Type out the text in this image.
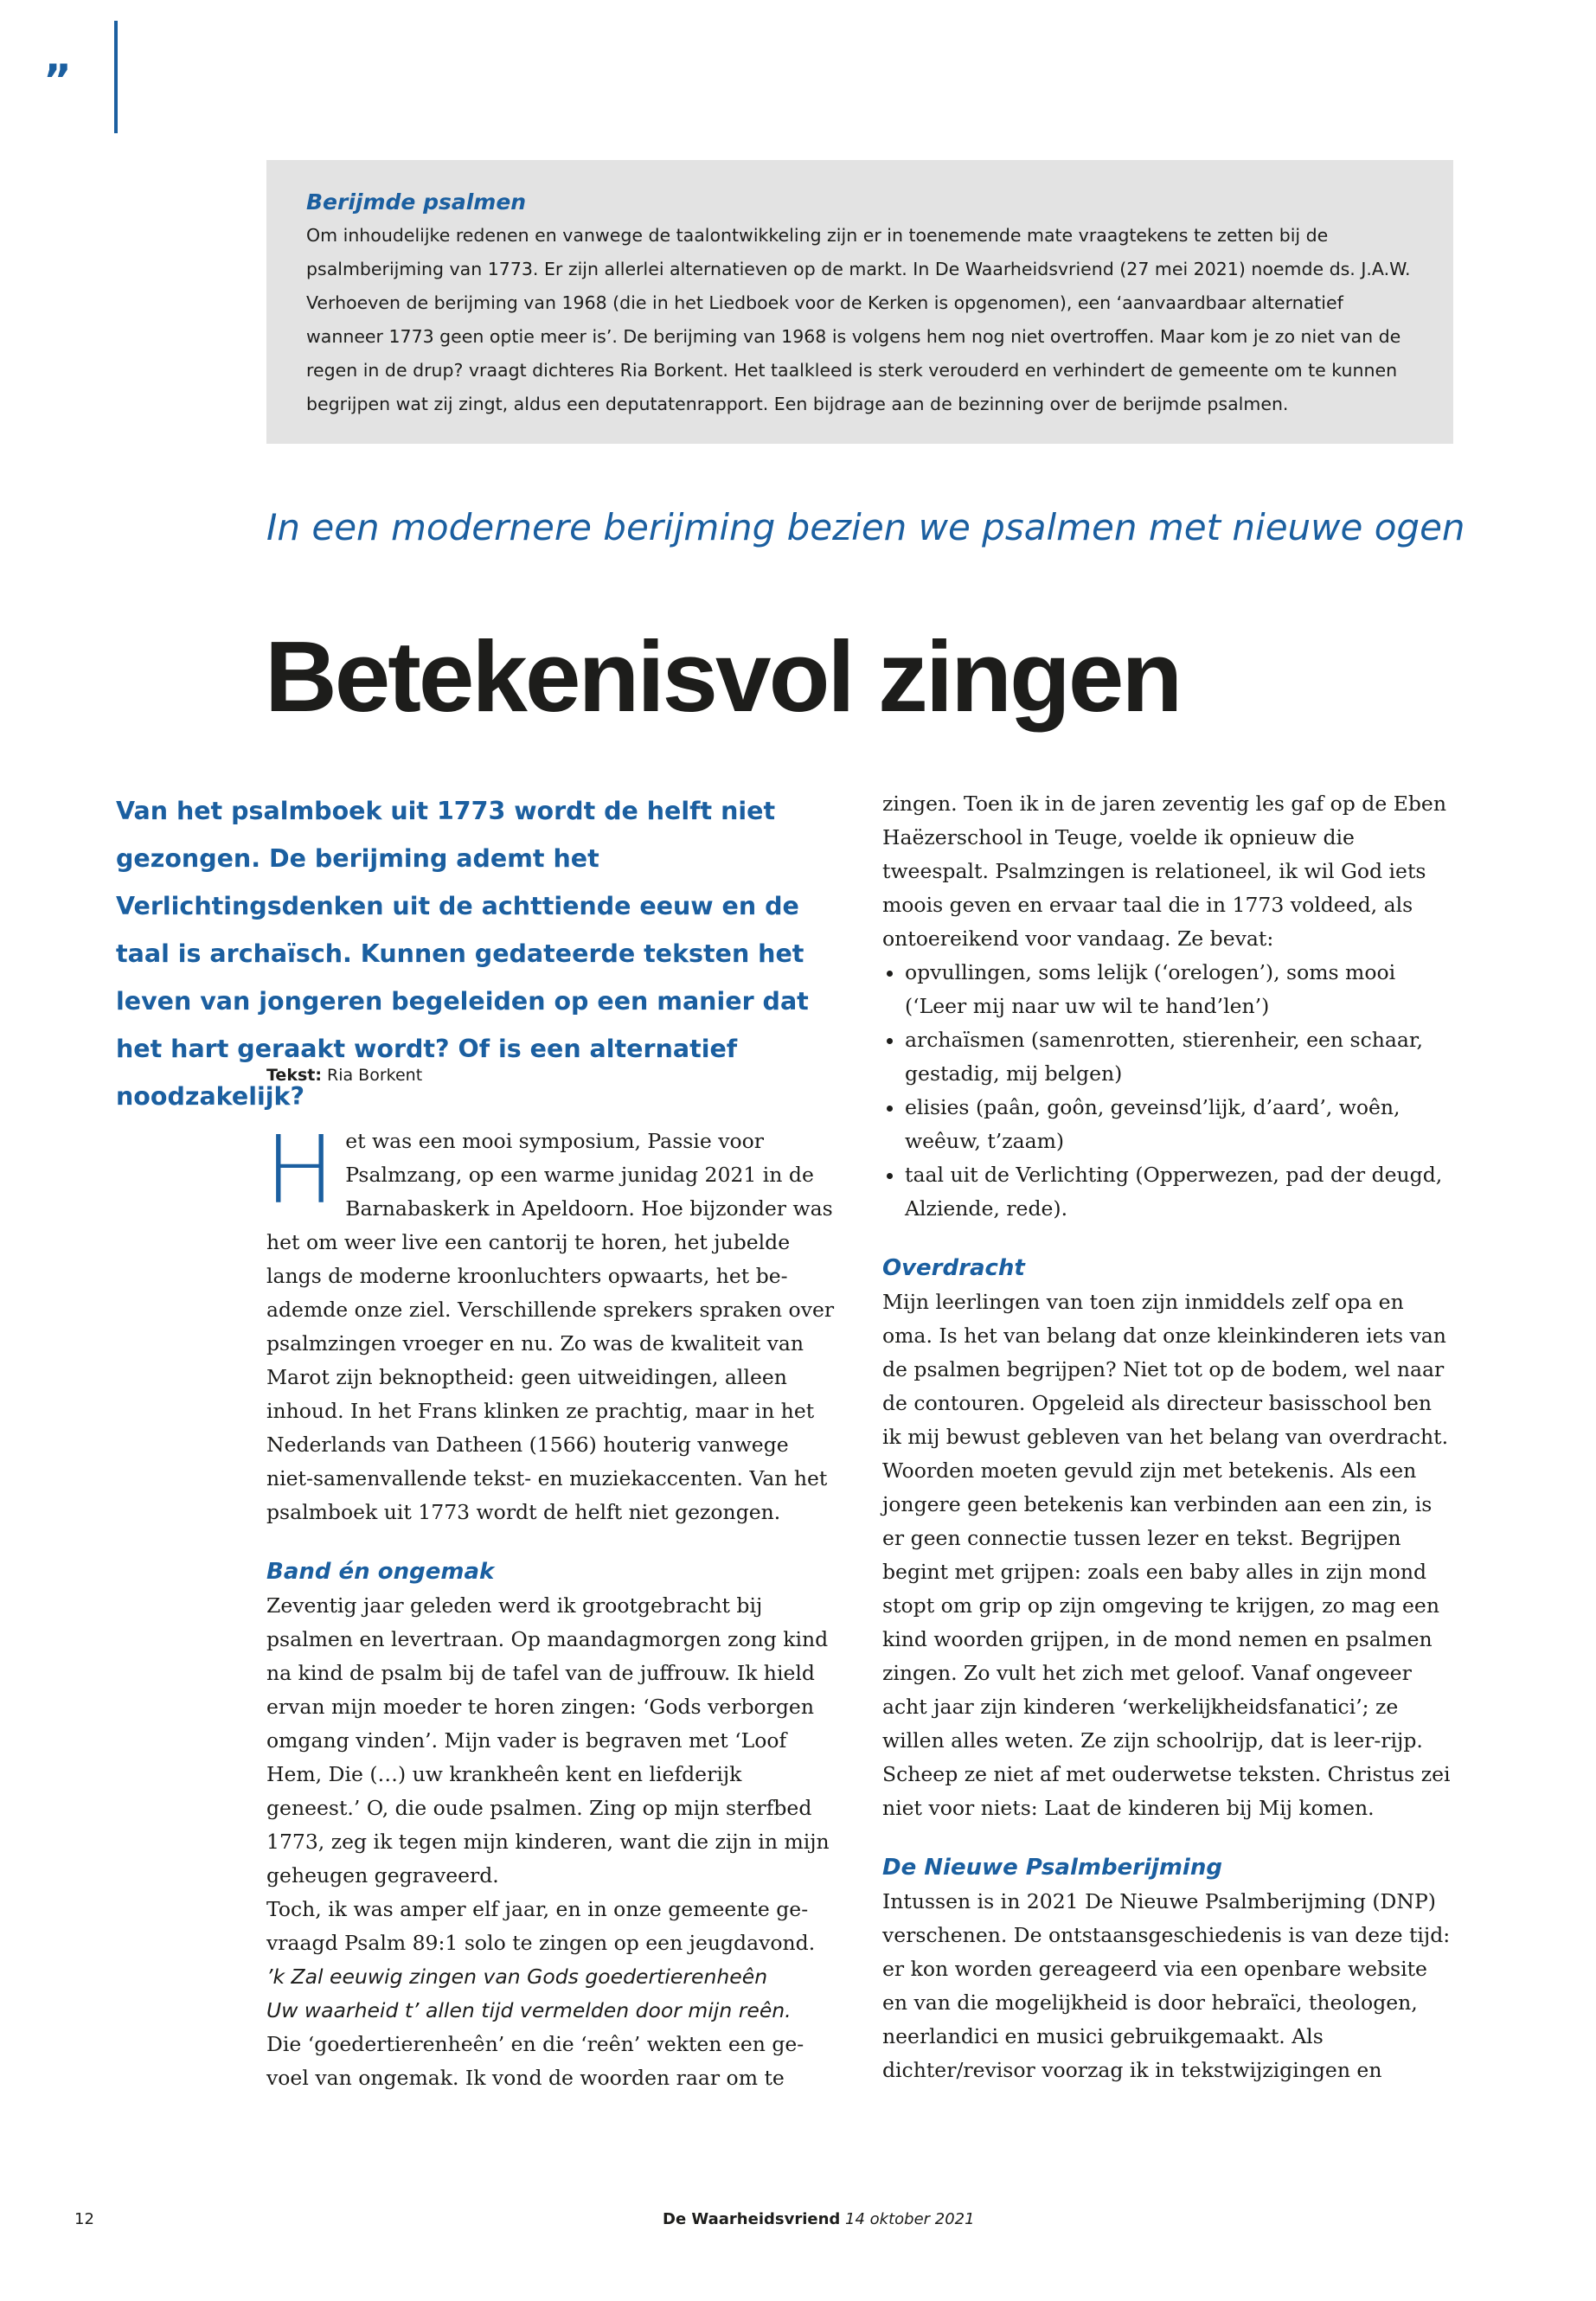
”
Berijmde psalmen

Om inhoudelijke redenen en vanwege de taalontwikkeling zijn er in toenemende mate vraagtekens te zetten bij de psalmberijming van 1773. Er zijn allerlei alternatieven op de markt. In De Waarheidsvriend (27 mei 2021) noemde ds. J.A.W. Verhoeven de berijming van 1968 (die in het Liedboek voor de Kerken is opgenomen), een ‘aanvaardbaar alternatief wanneer 1773 geen optie meer is’. De berijming van 1968 is volgens hem nog niet overtroffen. Maar kom je zo niet van de regen in de drup? vraagt dichteres Ria Borkent. Het taalkleed is sterk verouderd en verhindert de gemeente om te kunnen begrijpen wat zij zingt, aldus een deputatenrapport. Een bijdrage aan de bezinning over de berijmde psalmen.

In een modernere berijming bezien we psalmen met nieuwe ogen
Betekenisvol zingen
Van het psalmboek uit 1773 wordt de helft niet gezongen. De berijming ademt het Verlichtingsdenken uit de achttiende eeuw en de taal is archaïsch. Kunnen gedateerde teksten het leven van jongeren begeleiden op een manier dat het hart geraakt wordt? Of is een alternatief noodzakelijk?
Tekst: Ria Borkent

Het was een mooi symposium, Passie voor Psalmzang, op een warme junidag 2021 in de Barnabaskerk in Apeldoorn. Hoe bijzonder was het om weer live een cantorij te horen, het jubelde langs de moderne kroonluchters opwaarts, het beademde onze ziel. Verschillende sprekers spraken over psalmzingen vroeger en nu. Zo was de kwaliteit van Marot zijn beknoptheid: geen uitweidingen, alleen inhoud. In het Frans klinken ze prachtig, maar in het Nederlands van Datheen (1566) houterig vanwege niet-samenvallende tekst- en muziekaccenten. Van het psalmboek uit 1773 wordt de helft niet gezongen.

Band én ongemak

Zeventig jaar geleden werd ik grootgebracht bij psalmen en levertraan. Op maandagmorgen zong kind na kind de psalm bij de tafel van de juffrouw. Ik hield ervan mijn moeder te horen zingen: ‘Gods verborgen omgang vinden’. Mijn vader is begraven met ‘Loof Hem, Die (…) uw krankheên kent en liefderijk geneest.’ O, die oude psalmen. Zing op mijn sterfbed 1773, zeg ik tegen mijn kinderen, want die zijn in mijn geheugen gegraveerd.

Toch, ik was amper elf jaar, en in onze gemeente gevraagd Psalm 89:1 solo te zingen op een jeugdavond.

’k Zal eeuwig zingen van Gods goedertierenheên

Uw waarheid t’ allen tijd vermelden door mijn reên.

Die ‘goedertierenheên’ en die ‘reên’ wekten een gevoel van ongemak. Ik vond de woorden raar om te

zingen. Toen ik in de jaren zeventig les gaf op de Eben Haëzerschool in Teuge, voelde ik opnieuw die tweespalt. Psalmzingen is relationeel, ik wil God iets moois geven en ervaar taal die in 1773 voldeed, als ontoereikend voor vandaag. Ze bevat:

• opvullingen, soms lelijk (‘orelogen’), soms mooi (‘Leer mij naar uw wil te hand’len’)
• archaïsmen (samenrotten, stierenheir, een schaar, gestadig, mij belgen)
• elisies (paân, goôn, geveinsd’lijk, d’aard’, woên, weêuw, t’zaam)
• taal uit de Verlichting (Opperwezen, pad der deugd, Alziende, rede).
Overdracht

Mijn leerlingen van toen zijn inmiddels zelf opa en oma. Is het van belang dat onze kleinkinderen iets van de psalmen begrijpen? Niet tot op de bodem, wel naar de contouren. Opgeleid als directeur basisschool ben ik mij bewust gebleven van het belang van overdracht. Woorden moeten gevuld zijn met betekenis. Als een jongere geen betekenis kan verbinden aan een zin, is er geen connectie tussen lezer en tekst. Begrijpen begint met grijpen: zoals een baby alles in zijn mond stopt om grip op zijn omgeving te krijgen, zo mag een kind woorden grijpen, in de mond nemen en psalmen zingen. Zo vult het zich met geloof. Vanaf ongeveer acht jaar zijn kinderen ‘werkelijkheidsfanatici’; ze willen alles weten. Ze zijn schoolrijp, dat is leer-rijp. Scheep ze niet af met ouderwetse teksten. Christus zei niet voor niets: Laat de kinderen bij Mij komen.

De Nieuwe Psalmberijming

Intussen is in 2021 De Nieuwe Psalmberijming (DNP) verschenen. De ontstaansgeschiedenis is van deze tijd: er kon worden gereageerd via een openbare website en van die mogelijkheid is door hebraïci, theologen, neerlandici en musici gebruikgemaakt. Als dichter/revisor voorzag ik in tekstwijzigingen en

12	De Waarheidsvriend 14 oktober 2021
